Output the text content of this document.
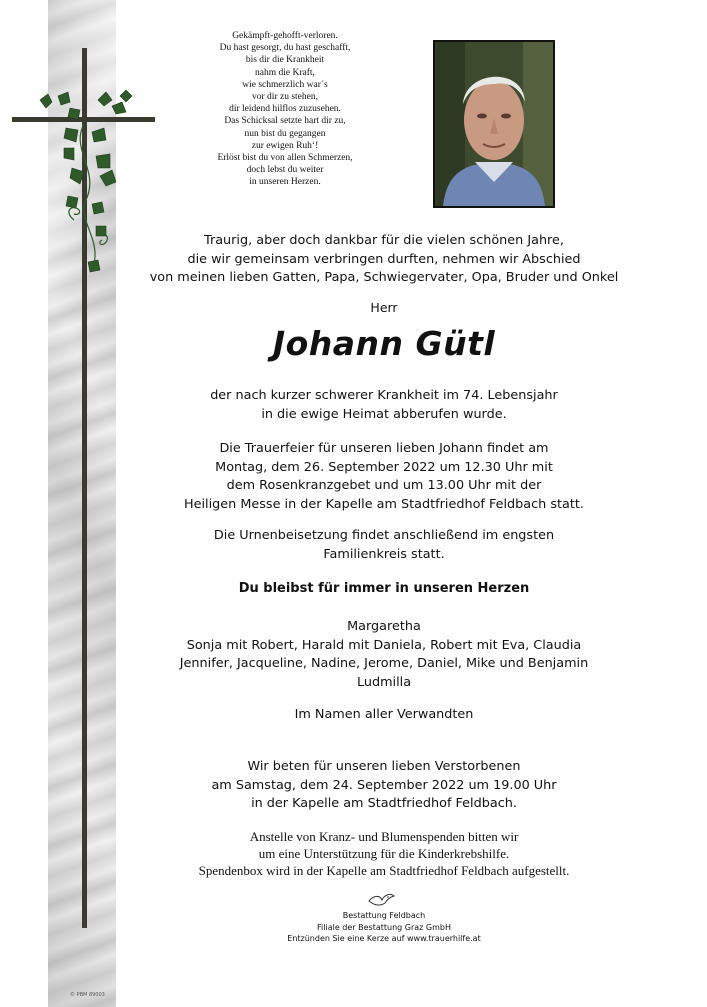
© PBM 89003
Gekämpft-gehofft-verloren.
Du hast gesorgt, du hast geschafft,
bis dir die Krankheit
nahm die Kraft,
wie schmerzlich war´s
vor dir zu stehen,
dir leidend hilflos zuzusehen.
Das Schicksal setzte hart dir zu,
nun bist du gegangen
zur ewigen Ruh‘!
Erlöst bist du von allen Schmerzen,
doch lebst du weiter
in unseren Herzen.
Traurig, aber doch dankbar für die vielen schönen Jahre,
die wir gemeinsam verbringen durften, nehmen wir Abschied
von meinen lieben Gatten, Papa, Schwiegervater, Opa, Bruder und Onkel
Herr
Johann Gütl
der nach kurzer schwerer Krankheit im 74. Lebensjahr
in die ewige Heimat abberufen wurde.
Die Trauerfeier für unseren lieben Johann findet am
Montag, dem 26. September 2022 um 12.30 Uhr mit
dem Rosenkranzgebet und um 13.00 Uhr mit der
Heiligen Messe in der Kapelle am Stadtfriedhof Feldbach statt.
Die Urnenbeisetzung findet anschließend im engsten
Familienkreis statt.
Du bleibst für immer in unseren Herzen
Margaretha
Sonja mit Robert, Harald mit Daniela, Robert mit Eva, Claudia
Jennifer, Jacqueline, Nadine, Jerome, Daniel, Mike und Benjamin
Ludmilla
Im Namen aller Verwandten
Wir beten für unseren lieben Verstorbenen
am Samstag, dem 24. September 2022 um 19.00 Uhr
in der Kapelle am Stadtfriedhof Feldbach.
Anstelle von Kranz- und Blumenspenden bitten wir
um eine Unterstützung für die Kinderkrebshilfe.
Spendenbox wird in der Kapelle am Stadtfriedhof Feldbach aufgestellt.
Bestattung Feldbach
Filiale der Bestattung Graz GmbH
Entzünden Sie eine Kerze auf www.trauerhilfe.at
